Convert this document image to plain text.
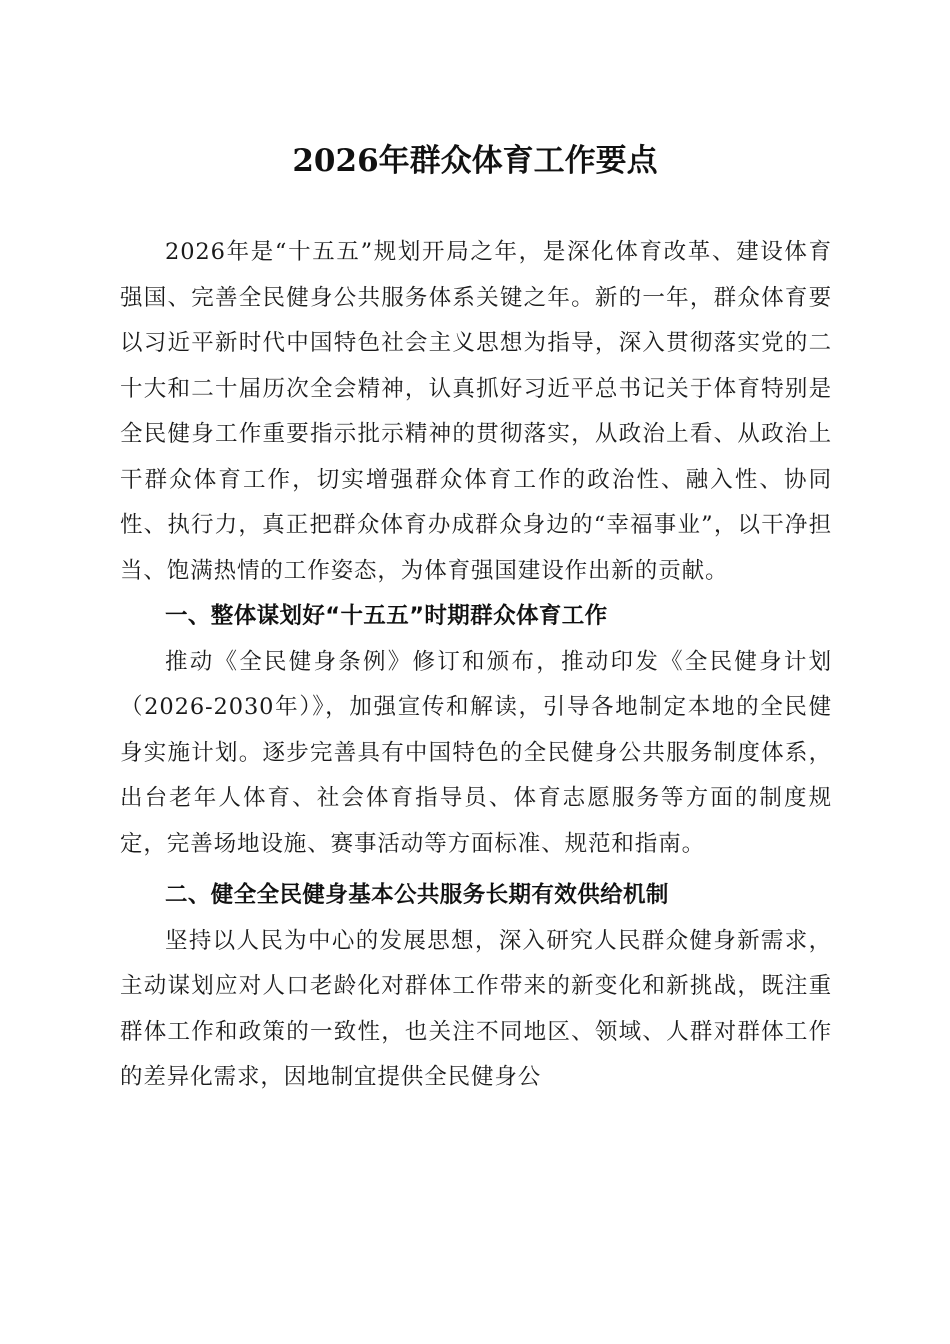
2026年群众体育工作要点

2026年是“十五五”规划开局之年，是深化体育改革、建设体育强国、完善全民健身公共服务体系关键之年。新的一年，群众体育要以习近平新时代中国特色社会主义思想为指导，深入贯彻落实党的二十大和二十届历次全会精神，认真抓好习近平总书记关于体育特别是全民健身工作重要指示批示精神的贯彻落实，从政治上看、从政治上干群众体育工作，切实增强群众体育工作的政治性、融入性、协同性、执行力，真正把群众体育办成群众身边的“幸福事业”，以干净担当、饱满热情的工作姿态，为体育强国建设作出新的贡献。

一、整体谋划好“十五五”时期群众体育工作

推动《全民健身条例》修订和颁布，推动印发《全民健身计划（2026-2030年）》，加强宣传和解读，引导各地制定本地的全民健身实施计划。逐步完善具有中国特色的全民健身公共服务制度体系，出台老年人体育、社会体育指导员、体育志愿服务等方面的制度规定，完善场地设施、赛事活动等方面标准、规范和指南。

二、健全全民健身基本公共服务长期有效供给机制

坚持以人民为中心的发展思想，深入研究人民群众健身新需求，主动谋划应对人口老龄化对群体工作带来的新变化和新挑战，既注重群体工作和政策的一致性，也关注不同地区、领域、人群对群体工作的差异化需求，因地制宜提供全民健身公
